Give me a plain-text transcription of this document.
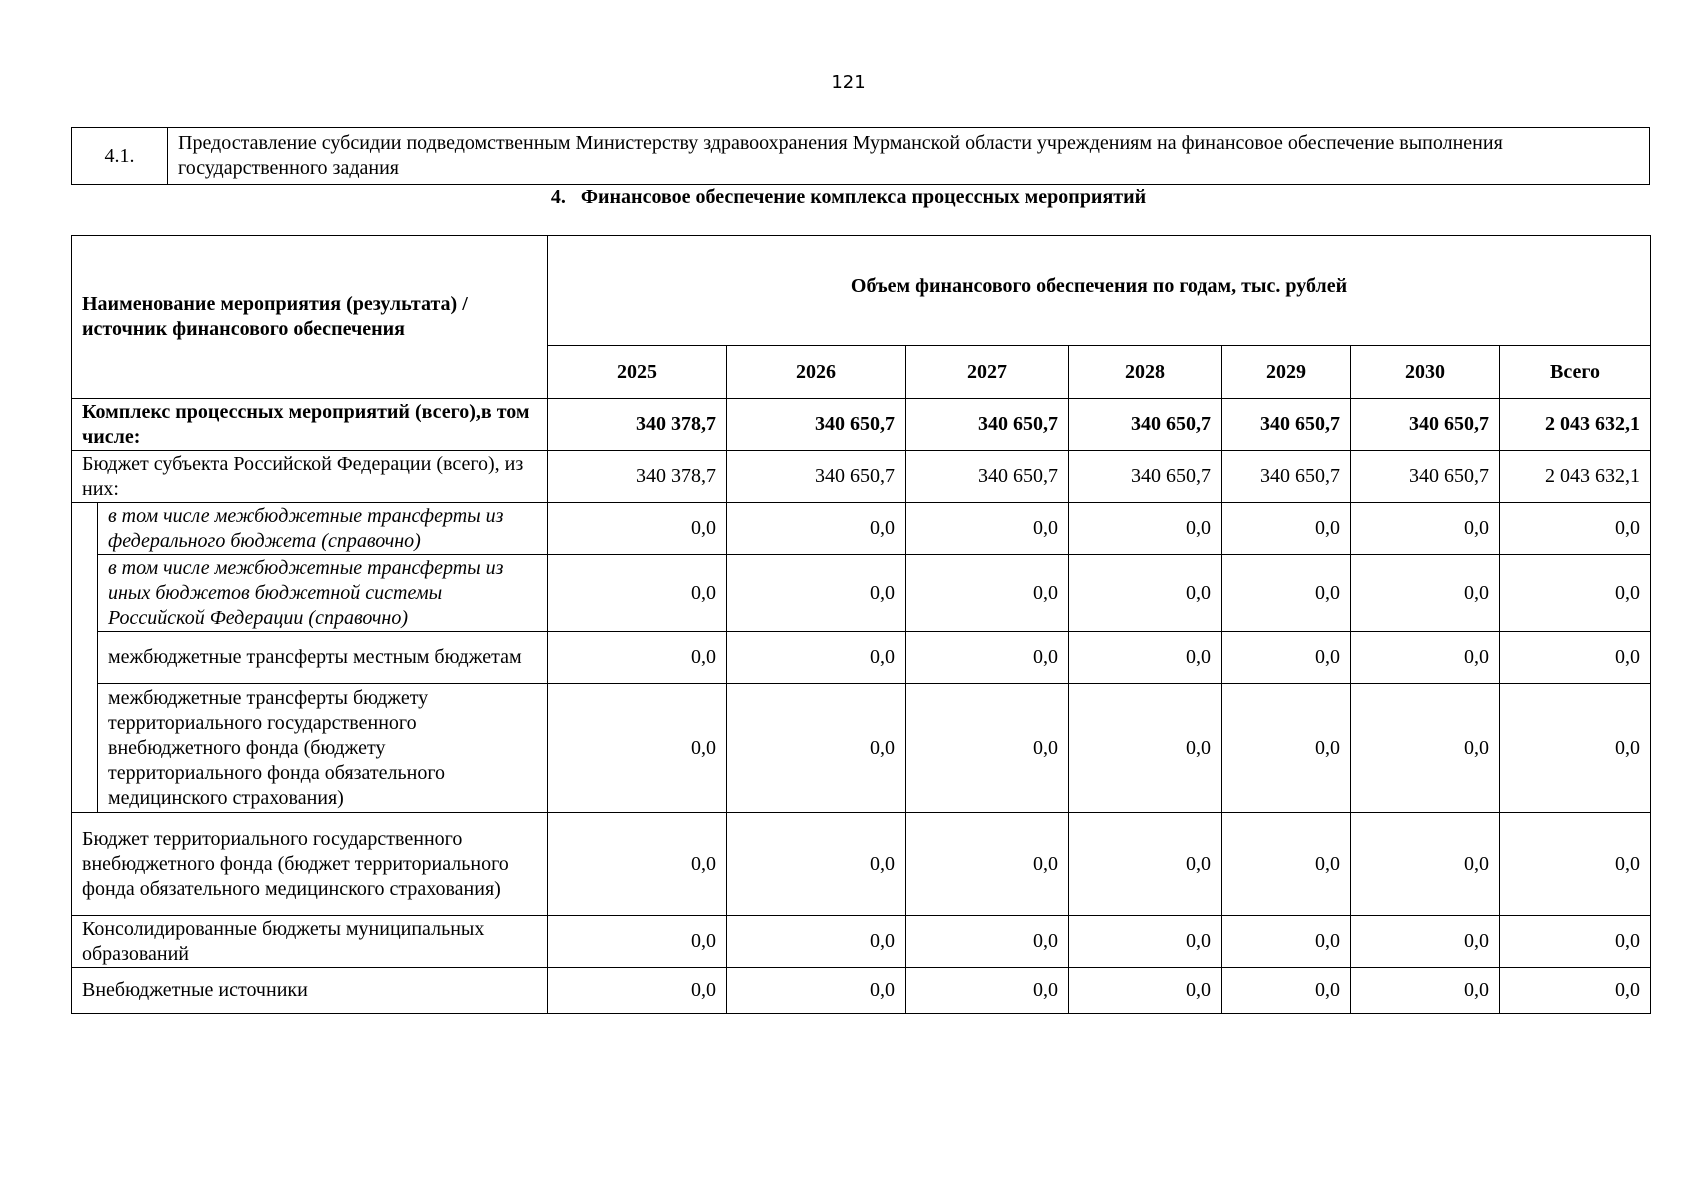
121
4.1.	Предоставление субсидии подведомственным Министерству здравоохранения Мурманской области учреждениям на финансовое обеспечение выполнения государственного задания
4.   Финансовое обеспечение комплекса процессных мероприятий
Наименование мероприятия (результата) /источник финансового обеспечения		Объем финансового обеспечения по годам, тыс. рублей						
		2025	2026	2027	2028	2029	2030	Всего
Комплекс процессных мероприятий (всего),в том числе:		340 378,7	340 650,7	340 650,7	340 650,7	340 650,7	340 650,7	2 043 632,1
Бюджет субъекта Российской Федерации (всего), из них:		340 378,7	340 650,7	340 650,7	340 650,7	340 650,7	340 650,7	2 043 632,1
	в том числе межбюджетные трансферты из федерального бюджета (справочно)	0,0	0,0	0,0	0,0	0,0	0,0	0,0
	в том числе межбюджетные трансферты из иных бюджетов бюджетной системы Российской Федерации (справочно)	0,0	0,0	0,0	0,0	0,0	0,0	0,0
	межбюджетные трансферты местным бюджетам	0,0	0,0	0,0	0,0	0,0	0,0	0,0
	межбюджетные трансферты бюджету территориального государственного внебюджетного фонда (бюджету территориального фонда обязательного медицинского страхования)	0,0	0,0	0,0	0,0	0,0	0,0	0,0
Бюджет территориального государственного внебюджетного фонда (бюджет территориального фонда обязательного медицинского страхования)		0,0	0,0	0,0	0,0	0,0	0,0	0,0
Консолидированные бюджеты муниципальных образований		0,0	0,0	0,0	0,0	0,0	0,0	0,0
Внебюджетные источники		0,0	0,0	0,0	0,0	0,0	0,0	0,0
